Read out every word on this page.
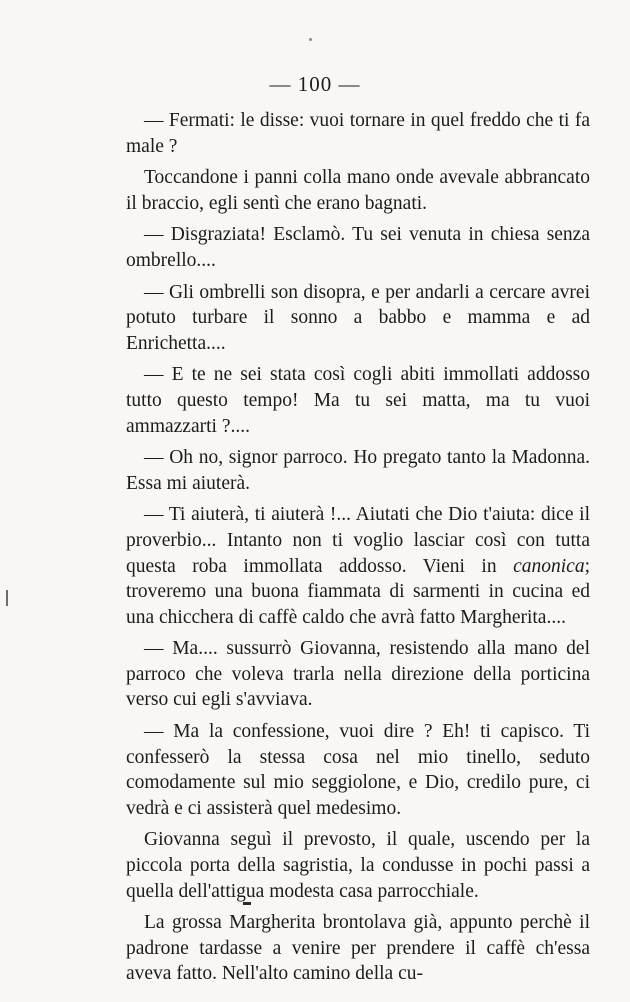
— 100 —

— Fermati: le disse: vuoi tornare in quel freddo che ti fa male ?

Toccandone i panni colla mano onde avevale abbrancato il braccio, egli sentì che erano bagnati.

— Disgraziata! Esclamò. Tu sei venuta in chiesa senza ombrello....

— Gli ombrelli son disopra, e per andarli a cercare avrei potuto turbare il sonno a babbo e mamma e ad Enrichetta....

— E te ne sei stata così cogli abiti immollati addosso tutto questo tempo! Ma tu sei matta, ma tu vuoi ammazzarti ?....

— Oh no, signor parroco. Ho pregato tanto la Madonna. Essa mi aiuterà.

— Ti aiuterà, ti aiuterà !... Aiutati che Dio t'aiuta: dice il proverbio... Intanto non ti voglio lasciar così con tutta questa roba immollata addosso. Vieni in canonica; troveremo una buona fiammata di sarmenti in cucina ed una chicchera di caffè caldo che avrà fatto Margherita....

— Ma.... sussurrò Giovanna, resistendo alla mano del parroco che voleva trarla nella direzione della porticina verso cui egli s'avviava.

— Ma la confessione, vuoi dire ? Eh! ti capisco. Ti confesserò la stessa cosa nel mio tinello, seduto comodamente sul mio seggiolone, e Dio, credilo pure, ci vedrà e ci assisterà quel medesimo.

Giovanna seguì il prevosto, il quale, uscendo per la piccola porta della sagristia, la condusse in pochi passi a quella dell'attigua modesta casa parrocchiale.

La grossa Margherita brontolava già, appunto perchè il padrone tardasse a venire per prendere il caffè ch'essa aveva fatto. Nell'alto camino della cu-
